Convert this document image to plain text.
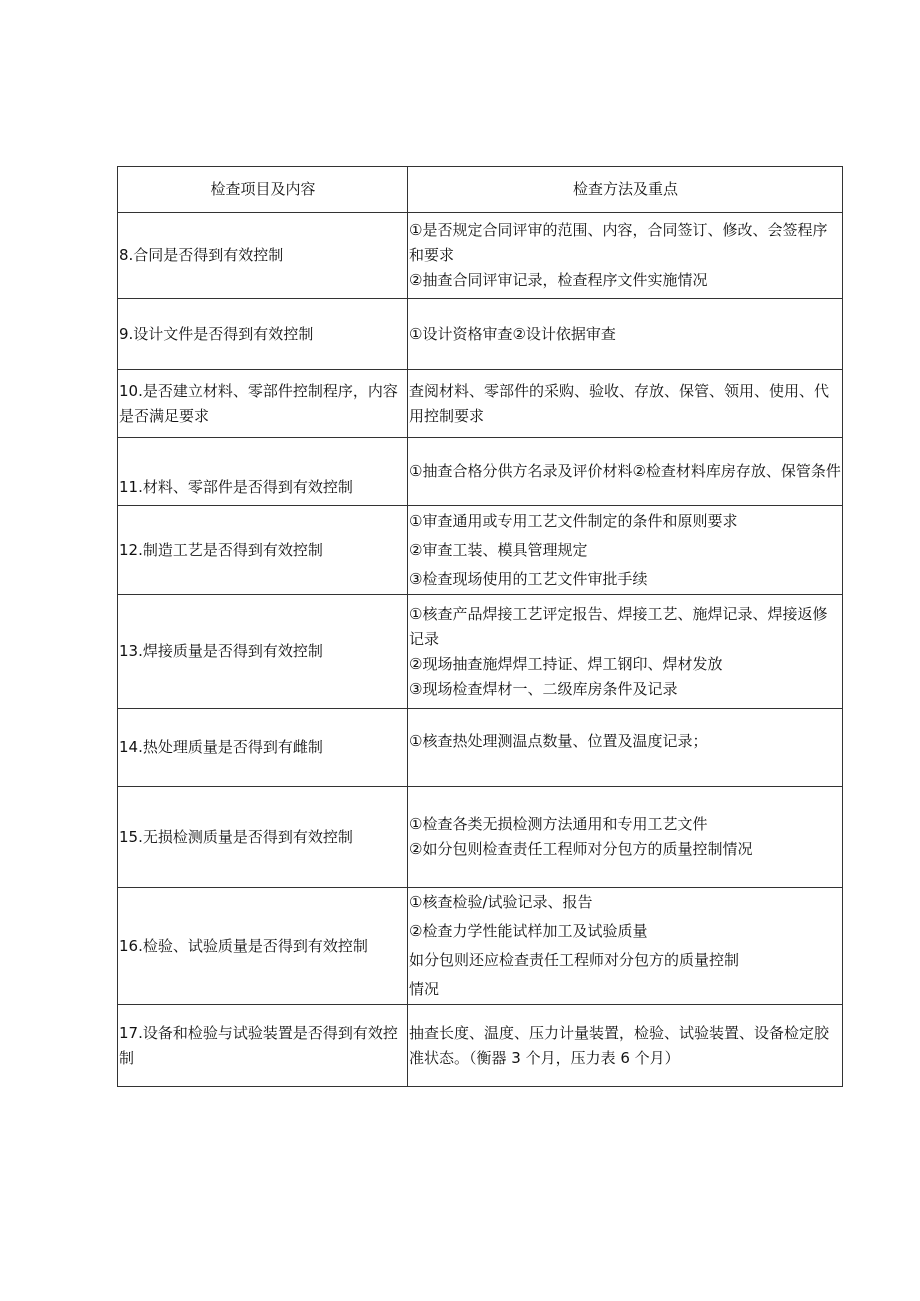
检查项目及内容	检查方法及重点
8.合同是否得到有效控制	①是否规定合同评审的范围、内容，合同签订、修改、会签程序和要求
②抽查合同评审记录，检查程序文件实施情况

9.设计文件是否得到有效控制	①设计资格审查②设计依据审查

10.是否建立材料、零部件控制程序，内容是否满足要求	查阅材料、零部件的采购、验收、存放、保管、领用、使用、代用控制要求

11.材料、零部件是否得到有效控制	①抽查合格分供方名录及评价材料②检查材料库房存放、保管条件

12.制造工艺是否得到有效控制	①审查通用或专用工艺文件制定的条件和原则要求
②审查工装、模具管理规定
③检查现场使用的工艺文件审批手续

13.焊接质量是否得到有效控制	①核查产品焊接工艺评定报告、焊接工艺、施焊记录、焊接返修记录
②现场抽查施焊焊工持证、焊工钢印、焊材发放
③现场检查焊材一、二级库房条件及记录

14.热处理质量是否得到有雌制	①核查热处理测温点数量、位置及温度记录；

15.无损检测质量是否得到有效控制	①检查各类无损检测方法通用和专用工艺文件
②如分包则检查责任工程师对分包方的质量控制情况

16.检验、试验质量是否得到有效控制	①核查检验/试验记录、报告
②检查力学性能试样加工及试验质量
如分包则还应检查责任工程师对分包方的质量控制
情况

17.设备和检验与试验装置是否得到有效控制	抽查长度、温度、压力计量装置，检验、试验装置、设备检定胶准状态。（衡器 3 个月，压力表 6 个月）
